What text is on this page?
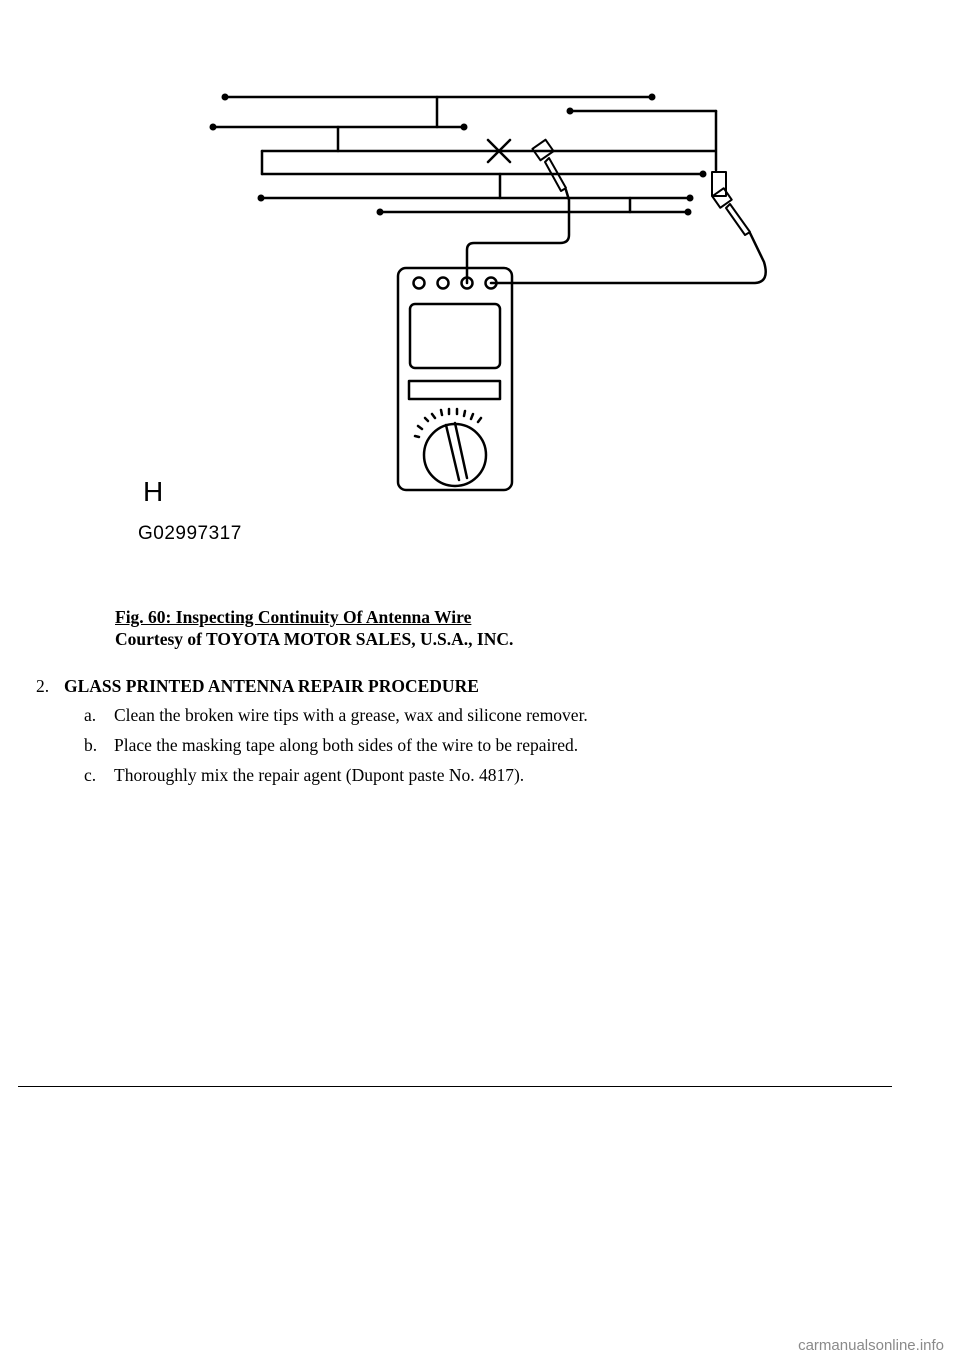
H
G02997317
Fig. 60: Inspecting Continuity Of Antenna Wire
Courtesy of TOYOTA MOTOR SALES, U.S.A., INC.
2. GLASS PRINTED ANTENNA REPAIR PROCEDURE
a. Clean the broken wire tips with a grease, wax and silicone remover.
b. Place the masking tape along both sides of the wire to be repaired.
c. Thoroughly mix the repair agent (Dupont paste No. 4817).
carmanualsonline.info
